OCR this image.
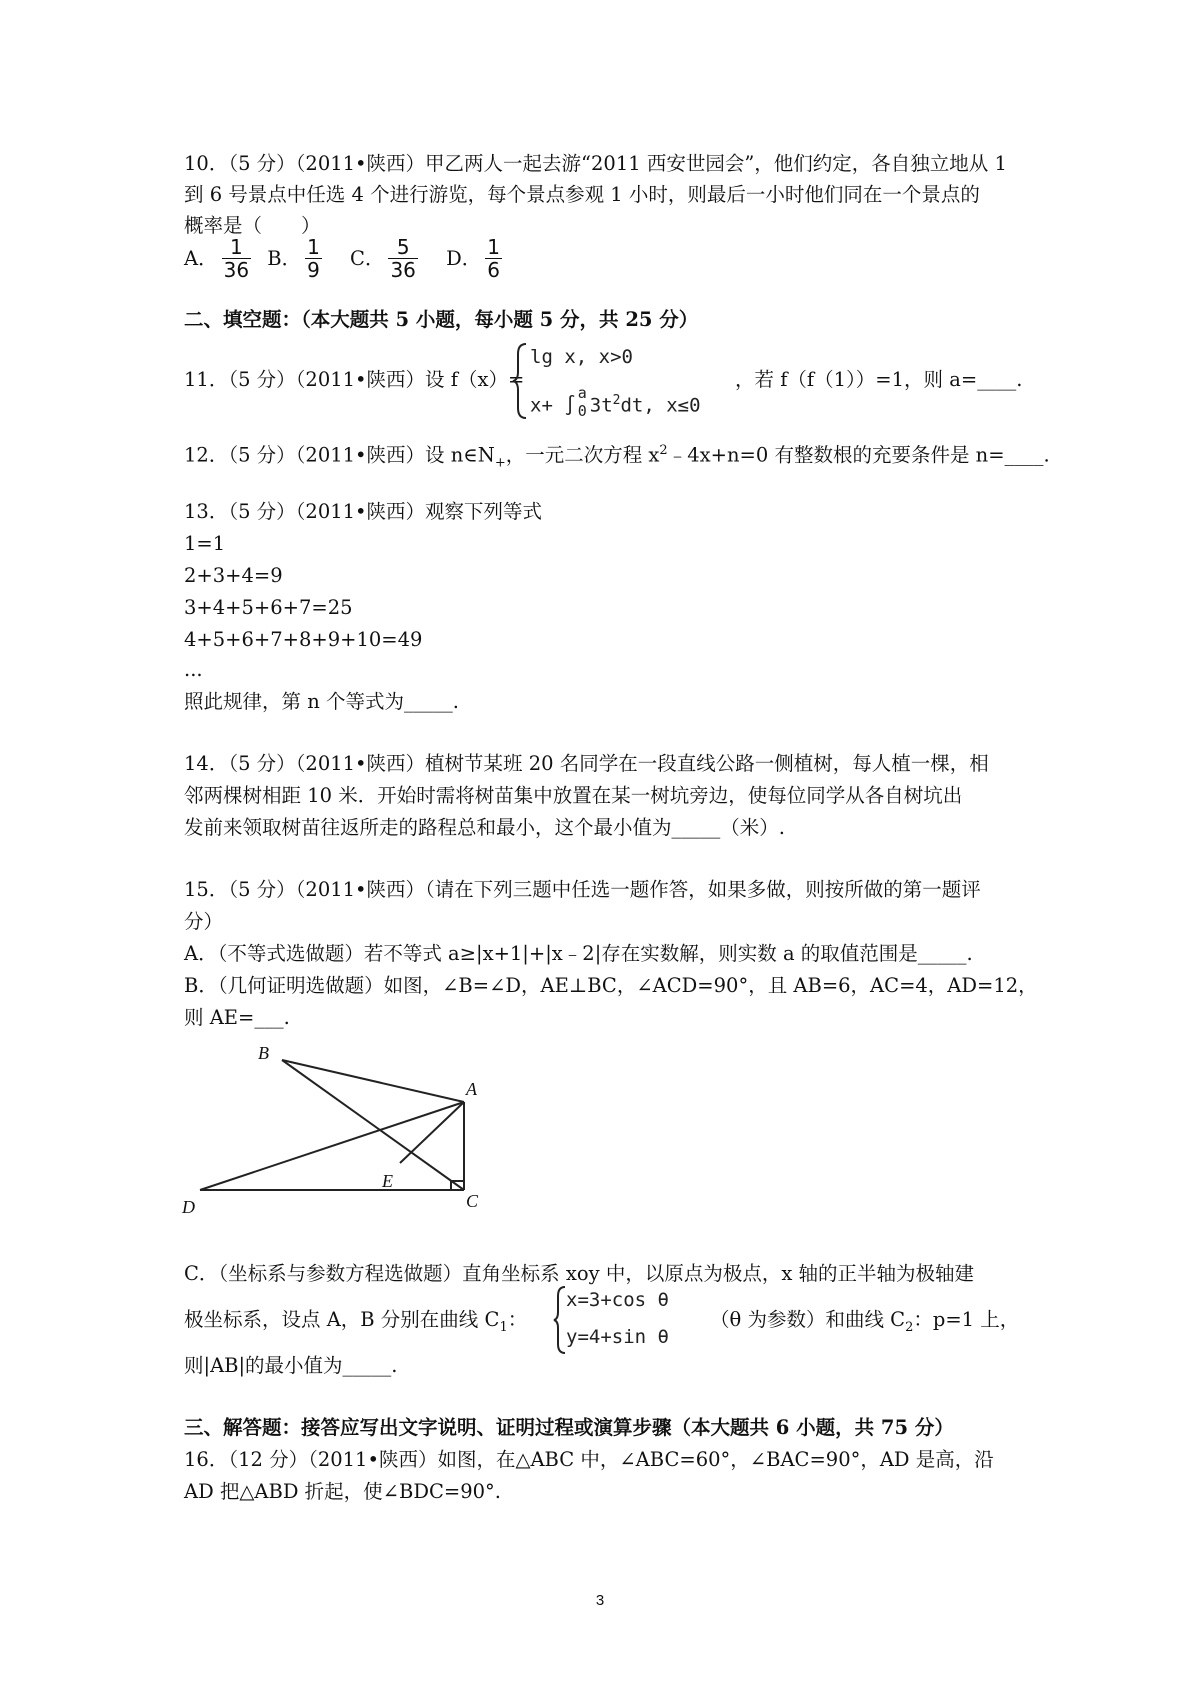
10．（5 分）（2011•陕西）甲乙两人一起去游“2011 西安世园会”，他们约定，各自独立地从 1
到 6 号景点中任选 4 个进行游览，每个景点参观 1 小时，则最后一小时他们同在一个景点的
概率是（　　）
A． $\frac{1}{36}$ B． $\frac{1}{9}$ C． $\frac{5}{36}$ D． $\frac{1}{6}$
二、填空题：（本大题共 5 小题，每小题 5 分，共 25 分）
11．（5 分）（2011•陕西）设 f（x）=
lg x, x>0
x+ ∫
a
0 $3t^2dt$, x≤0
，若 f（f（1））=1，则 a=____.
12．（5 分）（2011•陕西）设 $n\in N_+$，一元二次方程 $x^2﹣4x+n=0$ 有整数根的充要条件是 n=____.
13．（5 分）（2011•陕西）观察下列等式
1=1
2+3+4=9
3+4+5+6+7=25
4+5+6+7+8+9+10=49
...
照此规律，第 n 个等式为_____.
14．（5 分）（2011•陕西）植树节某班 20 名同学在一段直线公路一侧植树，每人植一棵，相
邻两棵树相距 10 米．开始时需将树苗集中放置在某一树坑旁边，使每位同学从各自树坑出
发前来领取树苗往返所走的路程总和最小，这个最小值为_____（米）.
15．（5 分）（2011•陕西）（请在下列三题中任选一题作答，如果多做，则按所做的第一题评
分）
A．（不等式选做题）若不等式 a≥|x+1|+|x﹣2|存在实数解，则实数 a 的取值范围是_____.
B．（几何证明选做题）如图，∠B=∠D，AE⊥BC，∠ACD=90°，且 AB=6，AC=4，AD=12，
则 AE=___.
B
A
E
D	C
C．（坐标系与参数方程选做题）直角坐标系 xoy 中，以原点为极点，x 轴的正半轴为极轴建
极坐标系，设点 A，B 分别在曲线 $C_1$：
x=3+cos θ
y=4+sin θ
（θ 为参数）和曲线 $C_2$：p=1 上，
则|AB|的最小值为_____.
三、解答题：接答应写出文字说明、证明过程或演算步骤（本大题共 6 小题，共 75 分）
16．（12 分）（2011•陕西）如图，在△ABC 中，∠ABC=60°，∠BAC=90°，AD 是高，沿
AD 把△ABD 折起，使∠BDC=90°.
3
